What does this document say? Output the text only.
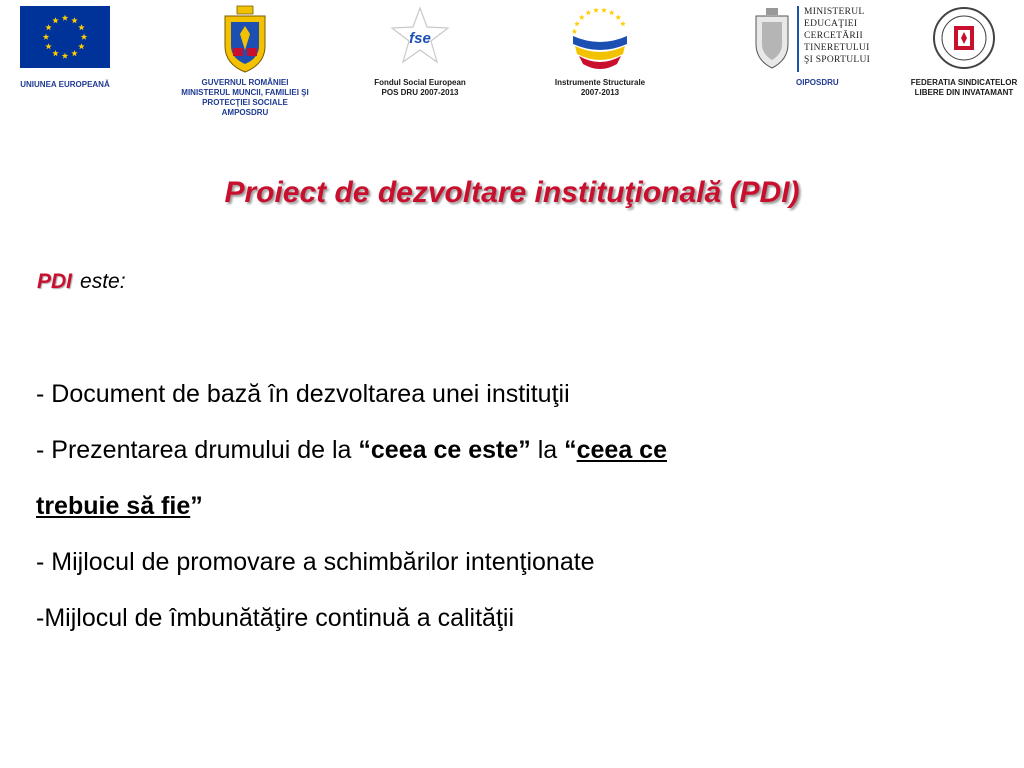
UNIUNEA EUROPEANĂ	GUVERNUL ROMÂNIEI
MINISTERUL MUNCII, FAMILIEI ŞI
PROTECŢIEI SOCIALE
AMPOSDRU
fse
Fondul Social European
POS DRU 2007-2013
Instrumente Structurale
2007-2013
MINISTERUL
EDUCAŢIEI
CERCETĂRII
TINERETULUI
ŞI SPORTULUI
OIPOSDRU	FEDERATIA SINDICATELOR
LIBERE DIN INVATAMANT
Proiect de dezvoltare instituţională (PDI)
PDI este:
- Document de bază în dezvoltarea unei instituţii
- Prezentarea drumului de la “ceea ce este” la “ceea ce
trebuie să fie”
- Mijlocul de promovare a schimbărilor intenţionate
-Mijlocul de îmbunătăţire continuă a calităţii
